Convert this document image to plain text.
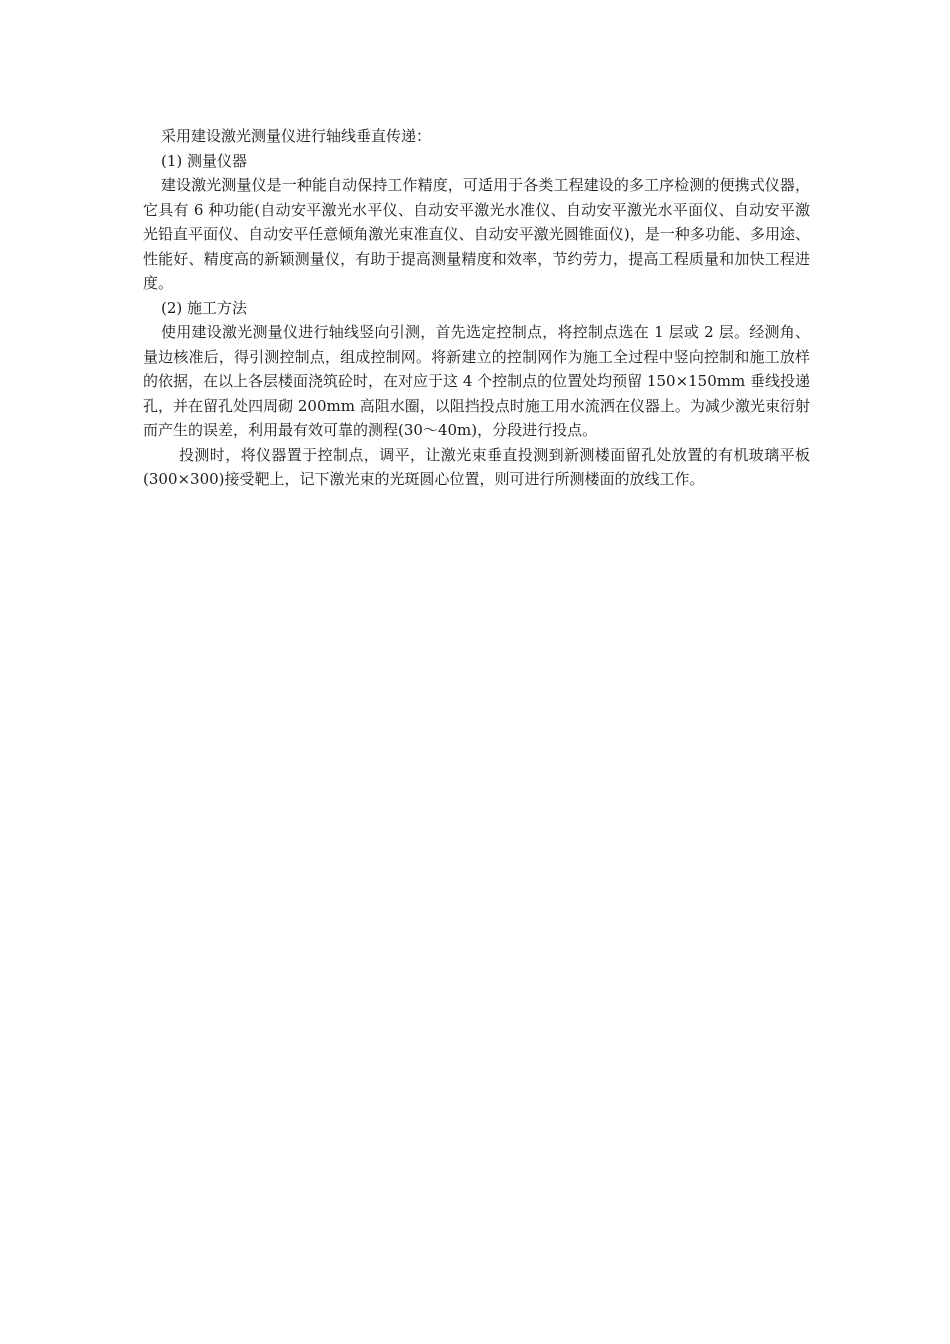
采用建设激光测量仪进行轴线垂直传递：

(1) 测量仪器

建设激光测量仪是一种能自动保持工作精度，可适用于各类工程建设的多工序检测的便携式仪器，它具有 6 种功能(自动安平激光水平仪、自动安平激光水准仪、自动安平激光水平面仪、自动安平激光铅直平面仪、自动安平任意倾角激光束准直仪、自动安平激光圆锥面仪)，是一种多功能、多用途、性能好、精度高的新颖测量仪，有助于提高测量精度和效率，节约劳力，提高工程质量和加快工程进度。

(2) 施工方法

使用建设激光测量仪进行轴线竖向引测，首先选定控制点，将控制点选在 1 层或 2 层。经测角、量边核准后，得引测控制点，组成控制网。将新建立的控制网作为施工全过程中竖向控制和施工放样的依据，在以上各层楼面浇筑砼时，在对应于这 4 个控制点的位置处均预留 150×150mm 垂线投递孔，并在留孔处四周砌 200mm 高阻水圈，以阻挡投点时施工用水流洒在仪器上。为减少激光束衍射而产生的误差，利用最有效可靠的测程(30～40m)，分段进行投点。

投测时，将仪器置于控制点，调平，让激光束垂直投测到新测楼面留孔处放置的有机玻璃平板(300×300)接受靶上，记下激光束的光斑圆心位置，则可进行所测楼面的放线工作。
